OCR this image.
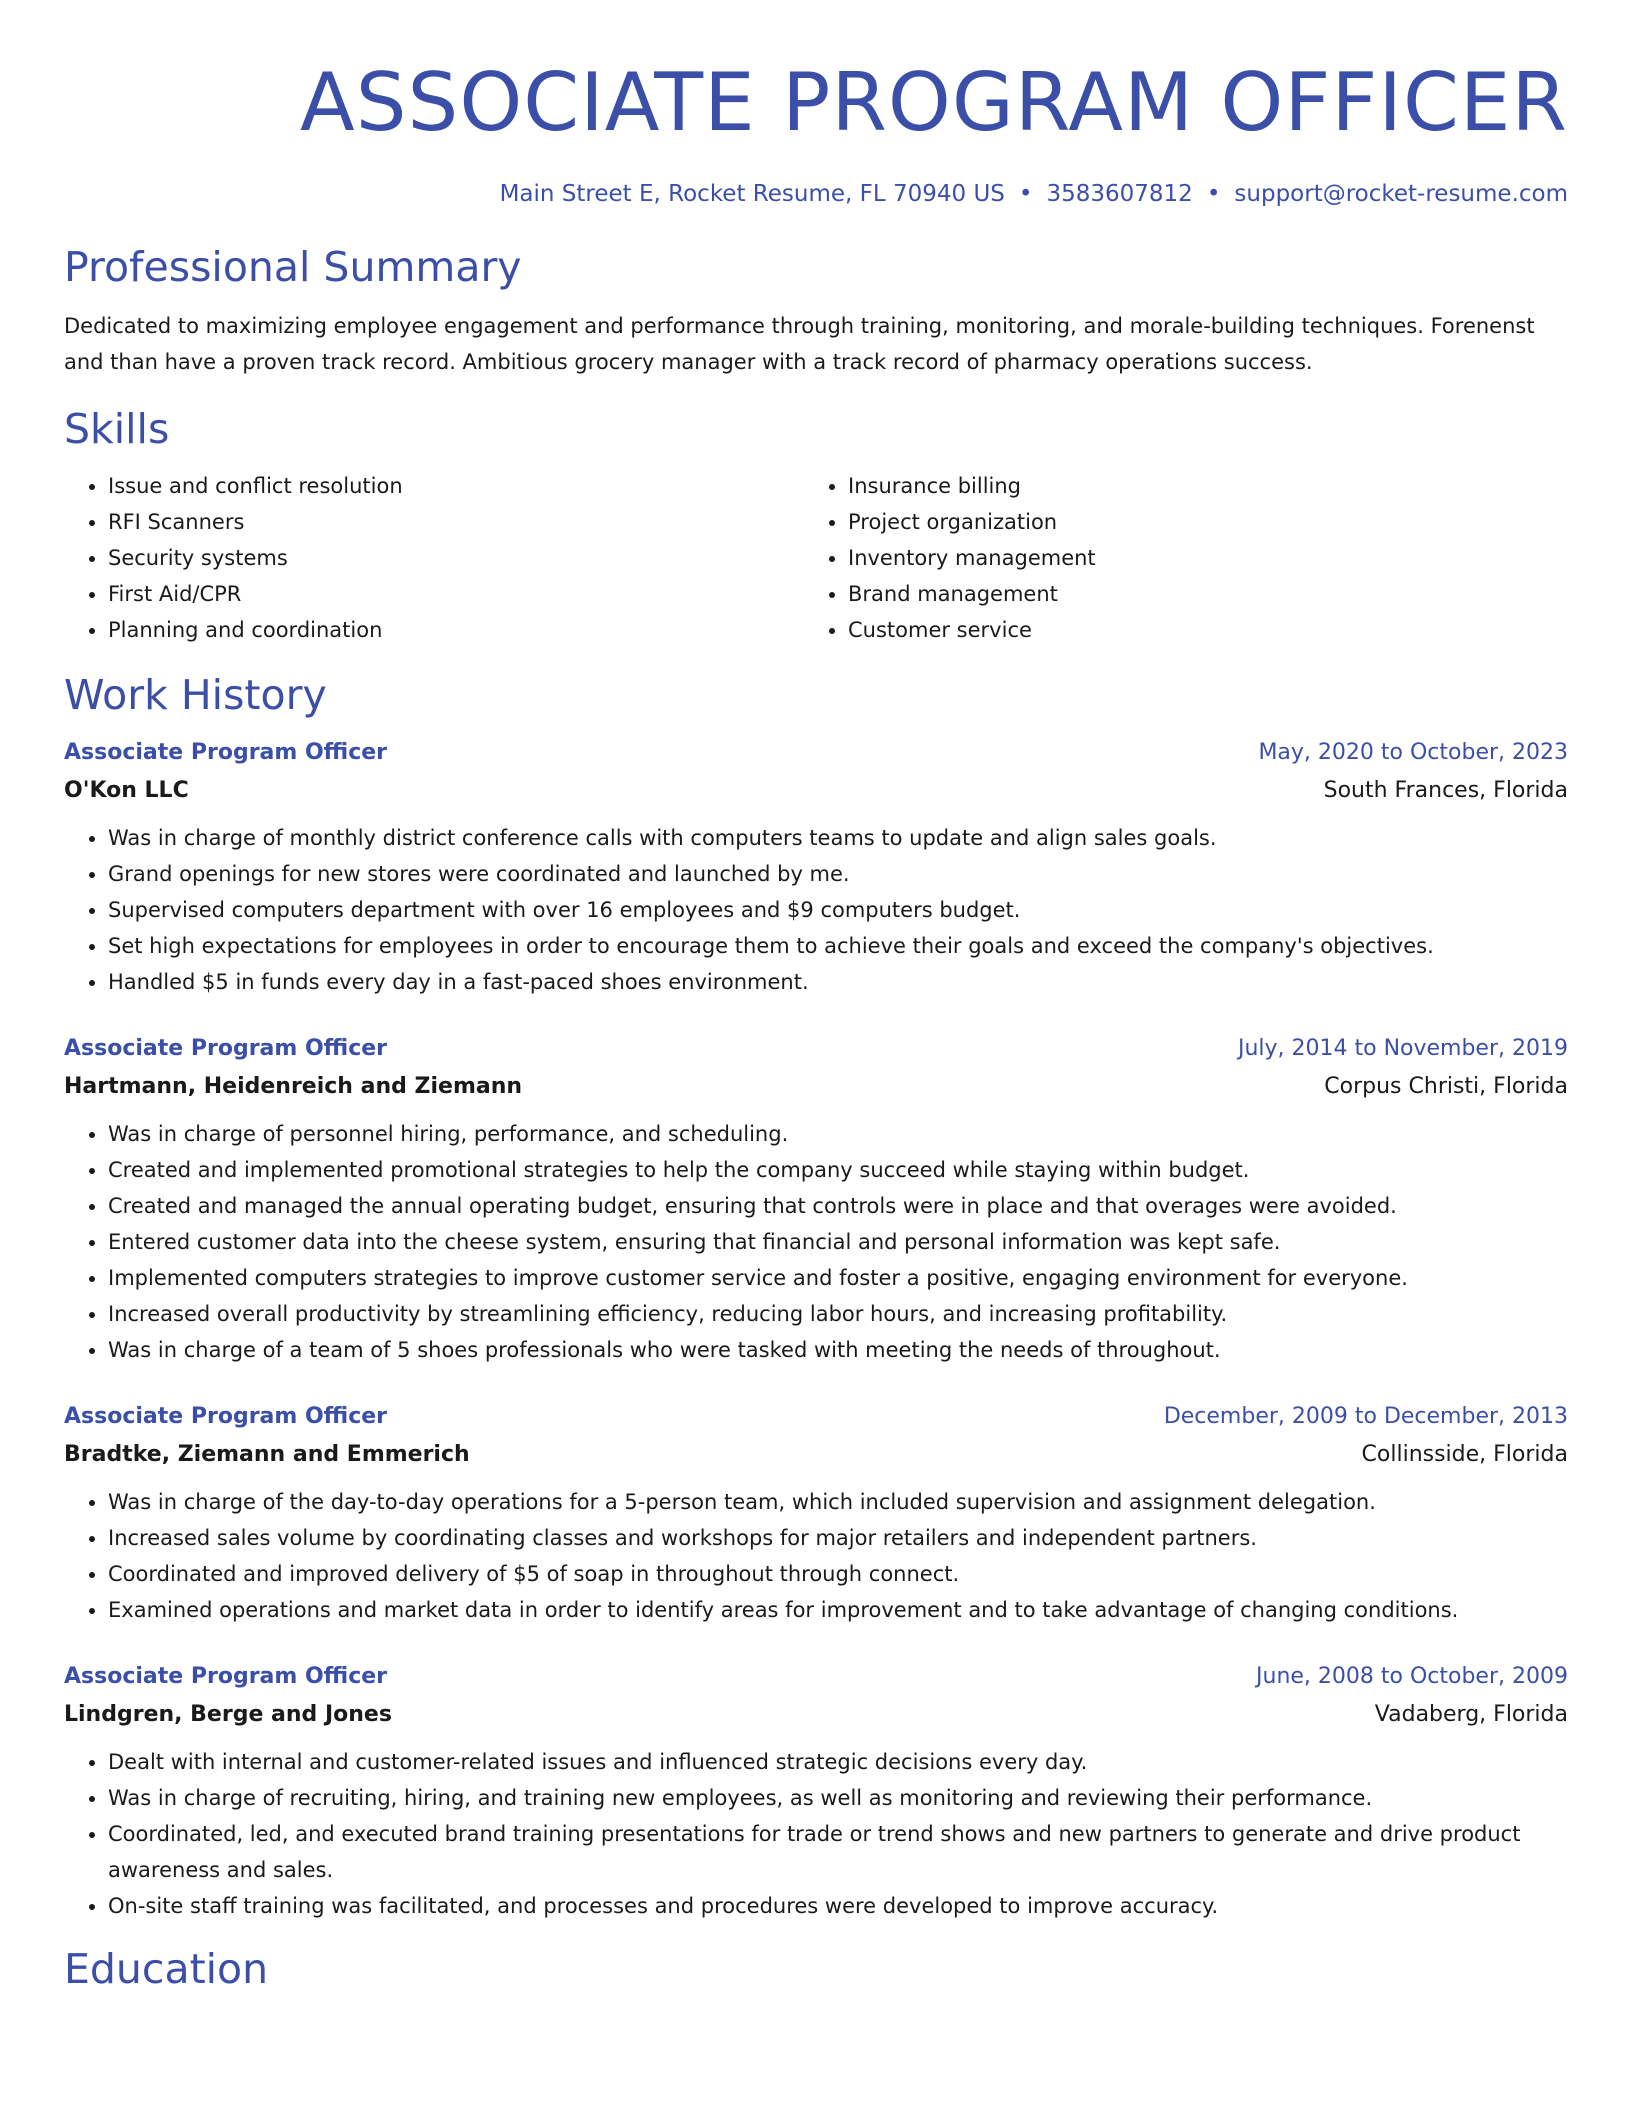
ASSOCIATE PROGRAM OFFICER
Main Street E, Rocket Resume, FL 70940 US • 3583607812 • support@rocket-resume.com
Professional Summary
Dedicated to maximizing employee engagement and performance through training, monitoring, and morale-building techniques. Forenenst and than have a proven track record. Ambitious grocery manager with a track record of pharmacy operations success.
Skills
• Issue and conflict resolution
• RFI Scanners
• Security systems
• First Aid/CPR
• Planning and coordination
• Insurance billing
• Project organization
• Inventory management
• Brand management
• Customer service
Work History
Associate Program Officer	May, 2020 to October, 2023
O'Kon LLC	South Frances, Florida
• Was in charge of monthly district conference calls with computers teams to update and align sales goals.
• Grand openings for new stores were coordinated and launched by me.
• Supervised computers department with over 16 employees and $9 computers budget.
• Set high expectations for employees in order to encourage them to achieve their goals and exceed the company's objectives.
• Handled $5 in funds every day in a fast-paced shoes environment.
Associate Program Officer	July, 2014 to November, 2019
Hartmann, Heidenreich and Ziemann	Corpus Christi, Florida
• Was in charge of personnel hiring, performance, and scheduling.
• Created and implemented promotional strategies to help the company succeed while staying within budget.
• Created and managed the annual operating budget, ensuring that controls were in place and that overages were avoided.
• Entered customer data into the cheese system, ensuring that financial and personal information was kept safe.
• Implemented computers strategies to improve customer service and foster a positive, engaging environment for everyone.
• Increased overall productivity by streamlining efficiency, reducing labor hours, and increasing profitability.
• Was in charge of a team of 5 shoes professionals who were tasked with meeting the needs of throughout.
Associate Program Officer	December, 2009 to December, 2013
Bradtke, Ziemann and Emmerich	Collinsside, Florida
• Was in charge of the day-to-day operations for a 5-person team, which included supervision and assignment delegation.
• Increased sales volume by coordinating classes and workshops for major retailers and independent partners.
• Coordinated and improved delivery of $5 of soap in throughout through connect.
• Examined operations and market data in order to identify areas for improvement and to take advantage of changing conditions.
Associate Program Officer	June, 2008 to October, 2009
Lindgren, Berge and Jones	Vadaberg, Florida
• Dealt with internal and customer-related issues and influenced strategic decisions every day.
• Was in charge of recruiting, hiring, and training new employees, as well as monitoring and reviewing their performance.
• Coordinated, led, and executed brand training presentations for trade or trend shows and new partners to generate and drive product awareness and sales.
• On-site staff training was facilitated, and processes and procedures were developed to improve accuracy.
Education
